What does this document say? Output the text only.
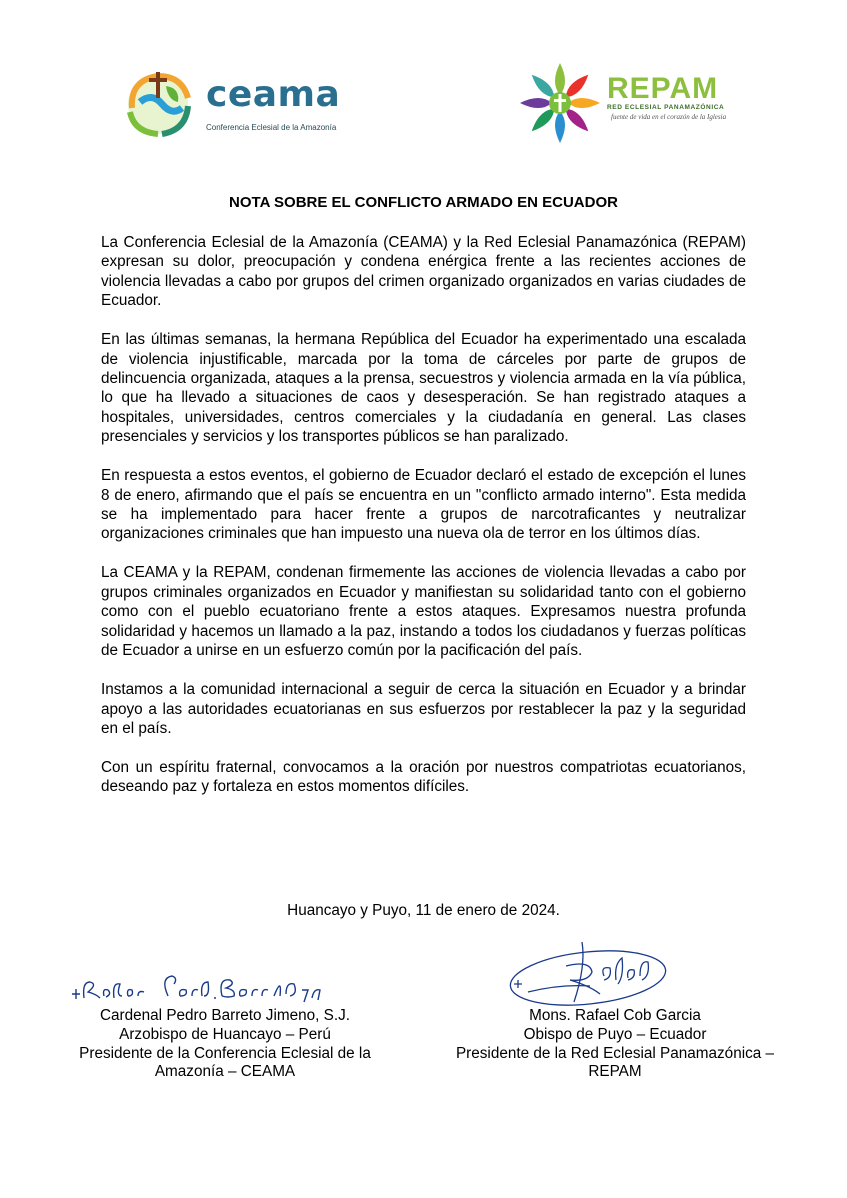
ceama
Conferencia Eclesial de la Amazonía
REPAM
RED ECLESIAL PANAMAZÓNICA
fuente de vida en el corazón de la Iglesia
NOTA SOBRE EL CONFLICTO ARMADO EN ECUADOR

La Conferencia Eclesial de la Amazonía (CEAMA) y la Red Eclesial Panamazónica (REPAM) expresan su dolor, preocupación y condena enérgica frente a las recientes acciones de violencia llevadas a cabo por grupos del crimen organizado organizados en varias ciudades de Ecuador.

En las últimas semanas, la hermana República del Ecuador ha experimentado una escalada de violencia injustificable, marcada por la toma de cárceles por parte de grupos de delincuencia organizada, ataques a la prensa, secuestros y violencia armada en la vía pública, lo que ha llevado a situaciones de caos y desesperación. Se han registrado ataques a hospitales, universidades, centros comerciales y la ciudadanía en general. Las clases presenciales y servicios y los transportes públicos se han paralizado.

En respuesta a estos eventos, el gobierno de Ecuador declaró el estado de excepción el lunes 8 de enero, afirmando que el país se encuentra en un "conflicto armado interno". Esta medida se ha implementado para hacer frente a grupos de narcotraficantes y neutralizar organizaciones criminales que han impuesto una nueva ola de terror en los últimos días.

La CEAMA y la REPAM, condenan firmemente las acciones de violencia llevadas a cabo por grupos criminales organizados en Ecuador y manifiestan su solidaridad tanto con el gobierno como con el pueblo ecuatoriano frente a estos ataques. Expresamos nuestra profunda solidaridad y hacemos un llamado a la paz, instando a todos los ciudadanos y fuerzas políticas de Ecuador a unirse en un esfuerzo común por la pacificación del país.

Instamos a la comunidad internacional a seguir de cerca la situación en Ecuador y a brindar apoyo a las autoridades ecuatorianas en sus esfuerzos por restablecer la paz y la seguridad en el país.

Con un espíritu fraternal, convocamos a la oración por nuestros compatriotas ecuatorianos, deseando paz y fortaleza en estos momentos difíciles.

Huancayo y Puyo, 11 de enero de 2024.
Cardenal Pedro Barreto Jimeno, S.J.
Arzobispo de Huancayo – Perú
Presidente de la Conferencia Eclesial de la
Amazonía – CEAMA
Mons. Rafael Cob Garcia
Obispo de Puyo – Ecuador
Presidente de la Red Eclesial Panamazónica –
REPAM
